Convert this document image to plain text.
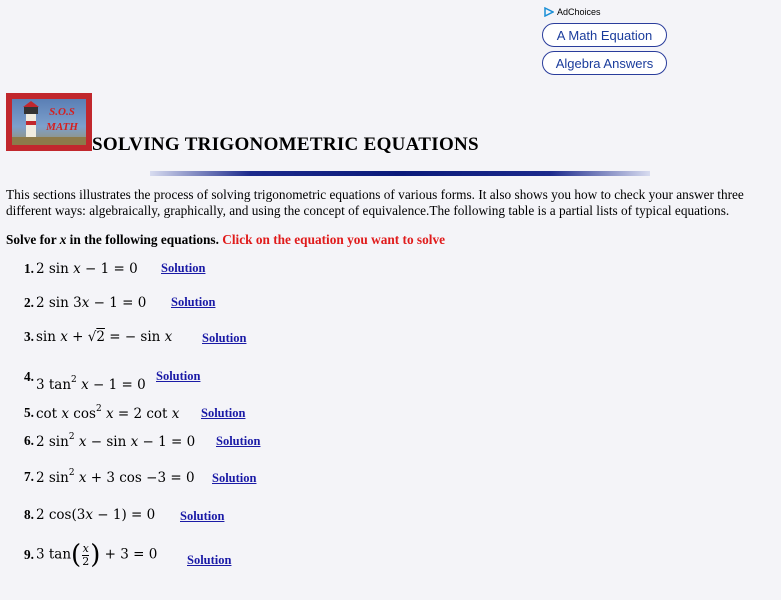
AdChoices
A Math Equation
Algebra Answers
S.O.S MATH
SOLVING TRIGONOMETRIC EQUATIONS

This sections illustrates the process of solving trigonometric equations of various forms. It also shows you how to check your answer three different ways: algebraically, graphically, and using the concept of equivalence.The following table is a partial lists of typical equations.

Solve for x in the following equations. Click on the equation you want to solve

1. 2 sin x − 1 = 0 Solution
2. 2 sin 3x − 1 = 0 Solution
3. sin x + √2 = − sin x Solution
4.
3 $\tan^2 x - 1 = 0$
Solution
5. cot x $\cos^2 x = 2$ cot x Solution
6. 2 $\sin^2 x - \sin x - 1 = 0$ Solution
7. 2 $\sin^2 x + 3$ cos −3 = 0 Solution
8. 2 cos(3x − 1) = 0 Solution
9. 3 $\tan( \frac{x}{2}$ ) + 3 = 0 Solution
